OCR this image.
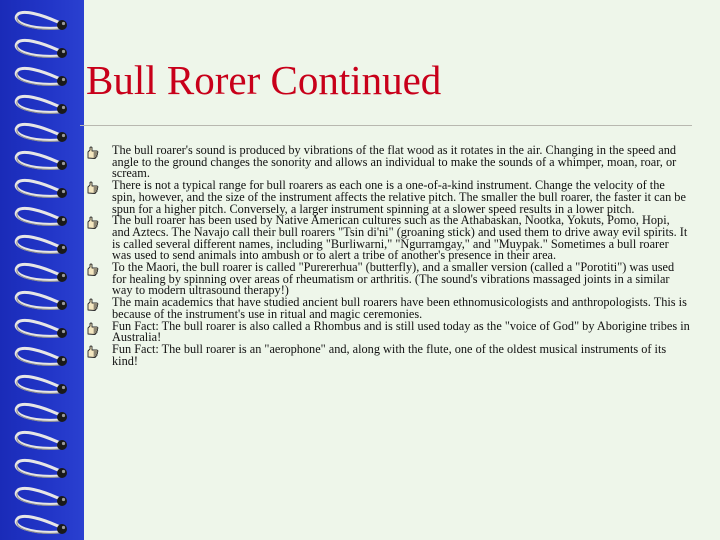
Bull Rorer Continued
The bull roarer's sound is produced by vibrations of the flat wood as it rotates in the air. Changing in the speed and angle to the ground changes the sonority and allows an individual to make the sounds of a whimper, moan, roar, or scream.
There is not a typical range for bull roarers as each one is a one-of-a-kind instrument. Change the velocity of the spin, however, and the size of the instrument affects the relative pitch. The smaller the bull roarer, the faster it can be spun for a higher pitch. Conversely, a larger instrument spinning at a slower speed results in a lower pitch.
The bull roarer has been used by Native American cultures such as the Athabaskan, Nootka, Yokuts, Pomo, Hopi, and Aztecs. The Navajo call their bull roarers "Tsin di'ni" (groaning stick) and used them to drive away evil spirits. It is called several different names, including "Burliwarni," "Ngurramgay," and "Muypak." Sometimes a bull roarer was used to send animals into ambush or to alert a tribe of another's presence in their area.
To the Maori, the bull roarer is called "Purererhua" (butterfly), and a smaller version (called a "Porotiti") was used for healing by spinning over areas of rheumatism or arthritis. (The sound's vibrations massaged joints in a similar way to modern ultrasound therapy!)
The main academics that have studied ancient bull roarers have been ethnomusicologists and anthropologists. This is because of the instrument's use in ritual and magic ceremonies.
Fun Fact: The bull roarer is also called a Rhombus and is still used today as the "voice of God" by Aborigine tribes in Australia!
Fun Fact: The bull roarer is an "aerophone" and, along with the flute, one of the oldest musical instruments of its kind!
